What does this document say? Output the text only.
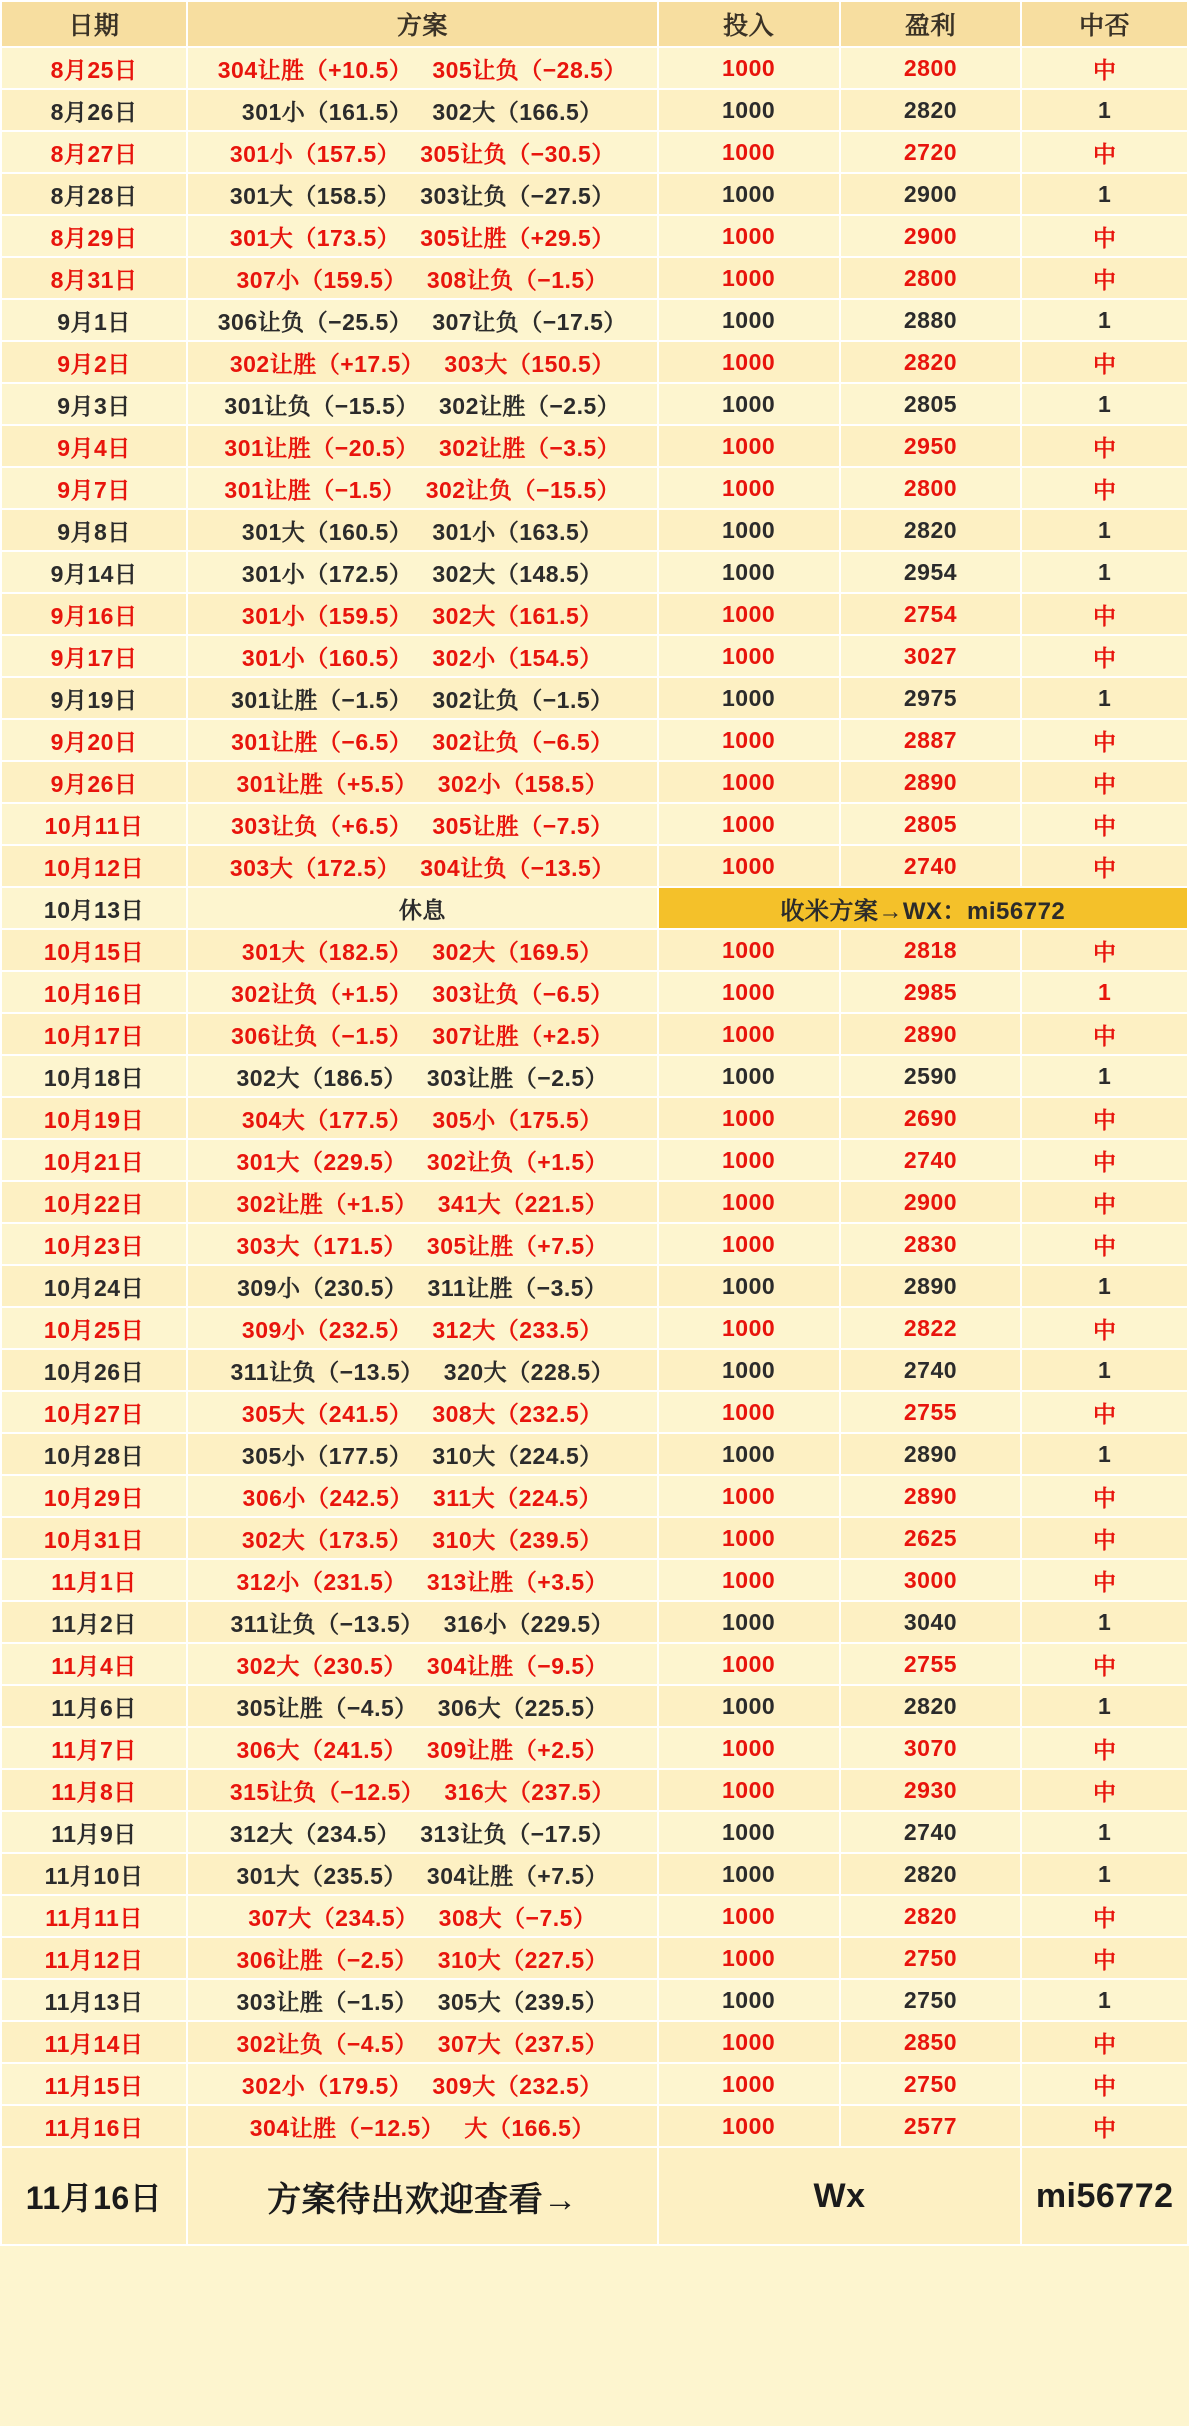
日期	方案	投入	盈利	中否
8月25日	304让胜（+10.5） 305让负（−28.5）	1000	2800	中
8月26日	301小（161.5） 302大（166.5）	1000	2820	1
8月27日	301小（157.5） 305让负（−30.5）	1000	2720	中
8月28日	301大（158.5） 303让负（−27.5）	1000	2900	1
8月29日	301大（173.5） 305让胜（+29.5）	1000	2900	中
8月31日	307小（159.5） 308让负（−1.5）	1000	2800	中
9月1日	306让负（−25.5） 307让负（−17.5）	1000	2880	1
9月2日	302让胜（+17.5） 303大（150.5）	1000	2820	中
9月3日	301让负（−15.5） 302让胜（−2.5）	1000	2805	1
9月4日	301让胜（−20.5） 302让胜（−3.5）	1000	2950	中
9月7日	301让胜（−1.5） 302让负（−15.5）	1000	2800	中
9月8日	301大（160.5） 301小（163.5）	1000	2820	1
9月14日	301小（172.5） 302大（148.5）	1000	2954	1
9月16日	301小（159.5） 302大（161.5）	1000	2754	中
9月17日	301小（160.5） 302小（154.5）	1000	3027	中
9月19日	301让胜（−1.5） 302让负（−1.5）	1000	2975	1
9月20日	301让胜（−6.5） 302让负（−6.5）	1000	2887	中
9月26日	301让胜（+5.5） 302小（158.5）	1000	2890	中
10月11日	303让负（+6.5） 305让胜（−7.5）	1000	2805	中
10月12日	303大（172.5） 304让负（−13.5）	1000	2740	中
10月13日	休息	收米方案→WX：mi56772		
10月15日	301大（182.5） 302大（169.5）	1000	2818	中
10月16日	302让负（+1.5） 303让负（−6.5）	1000	2985	1
10月17日	306让负（−1.5） 307让胜（+2.5）	1000	2890	中
10月18日	302大（186.5） 303让胜（−2.5）	1000	2590	1
10月19日	304大（177.5） 305小（175.5）	1000	2690	中
10月21日	301大（229.5） 302让负（+1.5）	1000	2740	中
10月22日	302让胜（+1.5） 341大（221.5）	1000	2900	中
10月23日	303大（171.5） 305让胜（+7.5）	1000	2830	中
10月24日	309小（230.5） 311让胜（−3.5）	1000	2890	1
10月25日	309小（232.5） 312大（233.5）	1000	2822	中
10月26日	311让负（−13.5） 320大（228.5）	1000	2740	1
10月27日	305大（241.5） 308大（232.5）	1000	2755	中
10月28日	305小（177.5） 310大（224.5）	1000	2890	1
10月29日	306小（242.5） 311大（224.5）	1000	2890	中
10月31日	302大（173.5） 310大（239.5）	1000	2625	中
11月1日	312小（231.5） 313让胜（+3.5）	1000	3000	中
11月2日	311让负（−13.5） 316小（229.5）	1000	3040	1
11月4日	302大（230.5） 304让胜（−9.5）	1000	2755	中
11月6日	305让胜（−4.5） 306大（225.5）	1000	2820	1
11月7日	306大（241.5） 309让胜（+2.5）	1000	3070	中
11月8日	315让负（−12.5） 316大（237.5）	1000	2930	中
11月9日	312大（234.5） 313让负（−17.5）	1000	2740	1
11月10日	301大（235.5） 304让胜（+7.5）	1000	2820	1
11月11日	307大（234.5） 308大（−7.5）	1000	2820	中
11月12日	306让胜（−2.5） 310大（227.5）	1000	2750	中
11月13日	303让胜（−1.5） 305大（239.5）	1000	2750	1
11月14日	302让负（−4.5） 307大（237.5）	1000	2850	中
11月15日	302小（179.5） 309大（232.5）	1000	2750	中
11月16日	304让胜（−12.5） 大（166.5）	1000	2577	中
11月16日	方案待出欢迎查看→	Wx		mi56772
